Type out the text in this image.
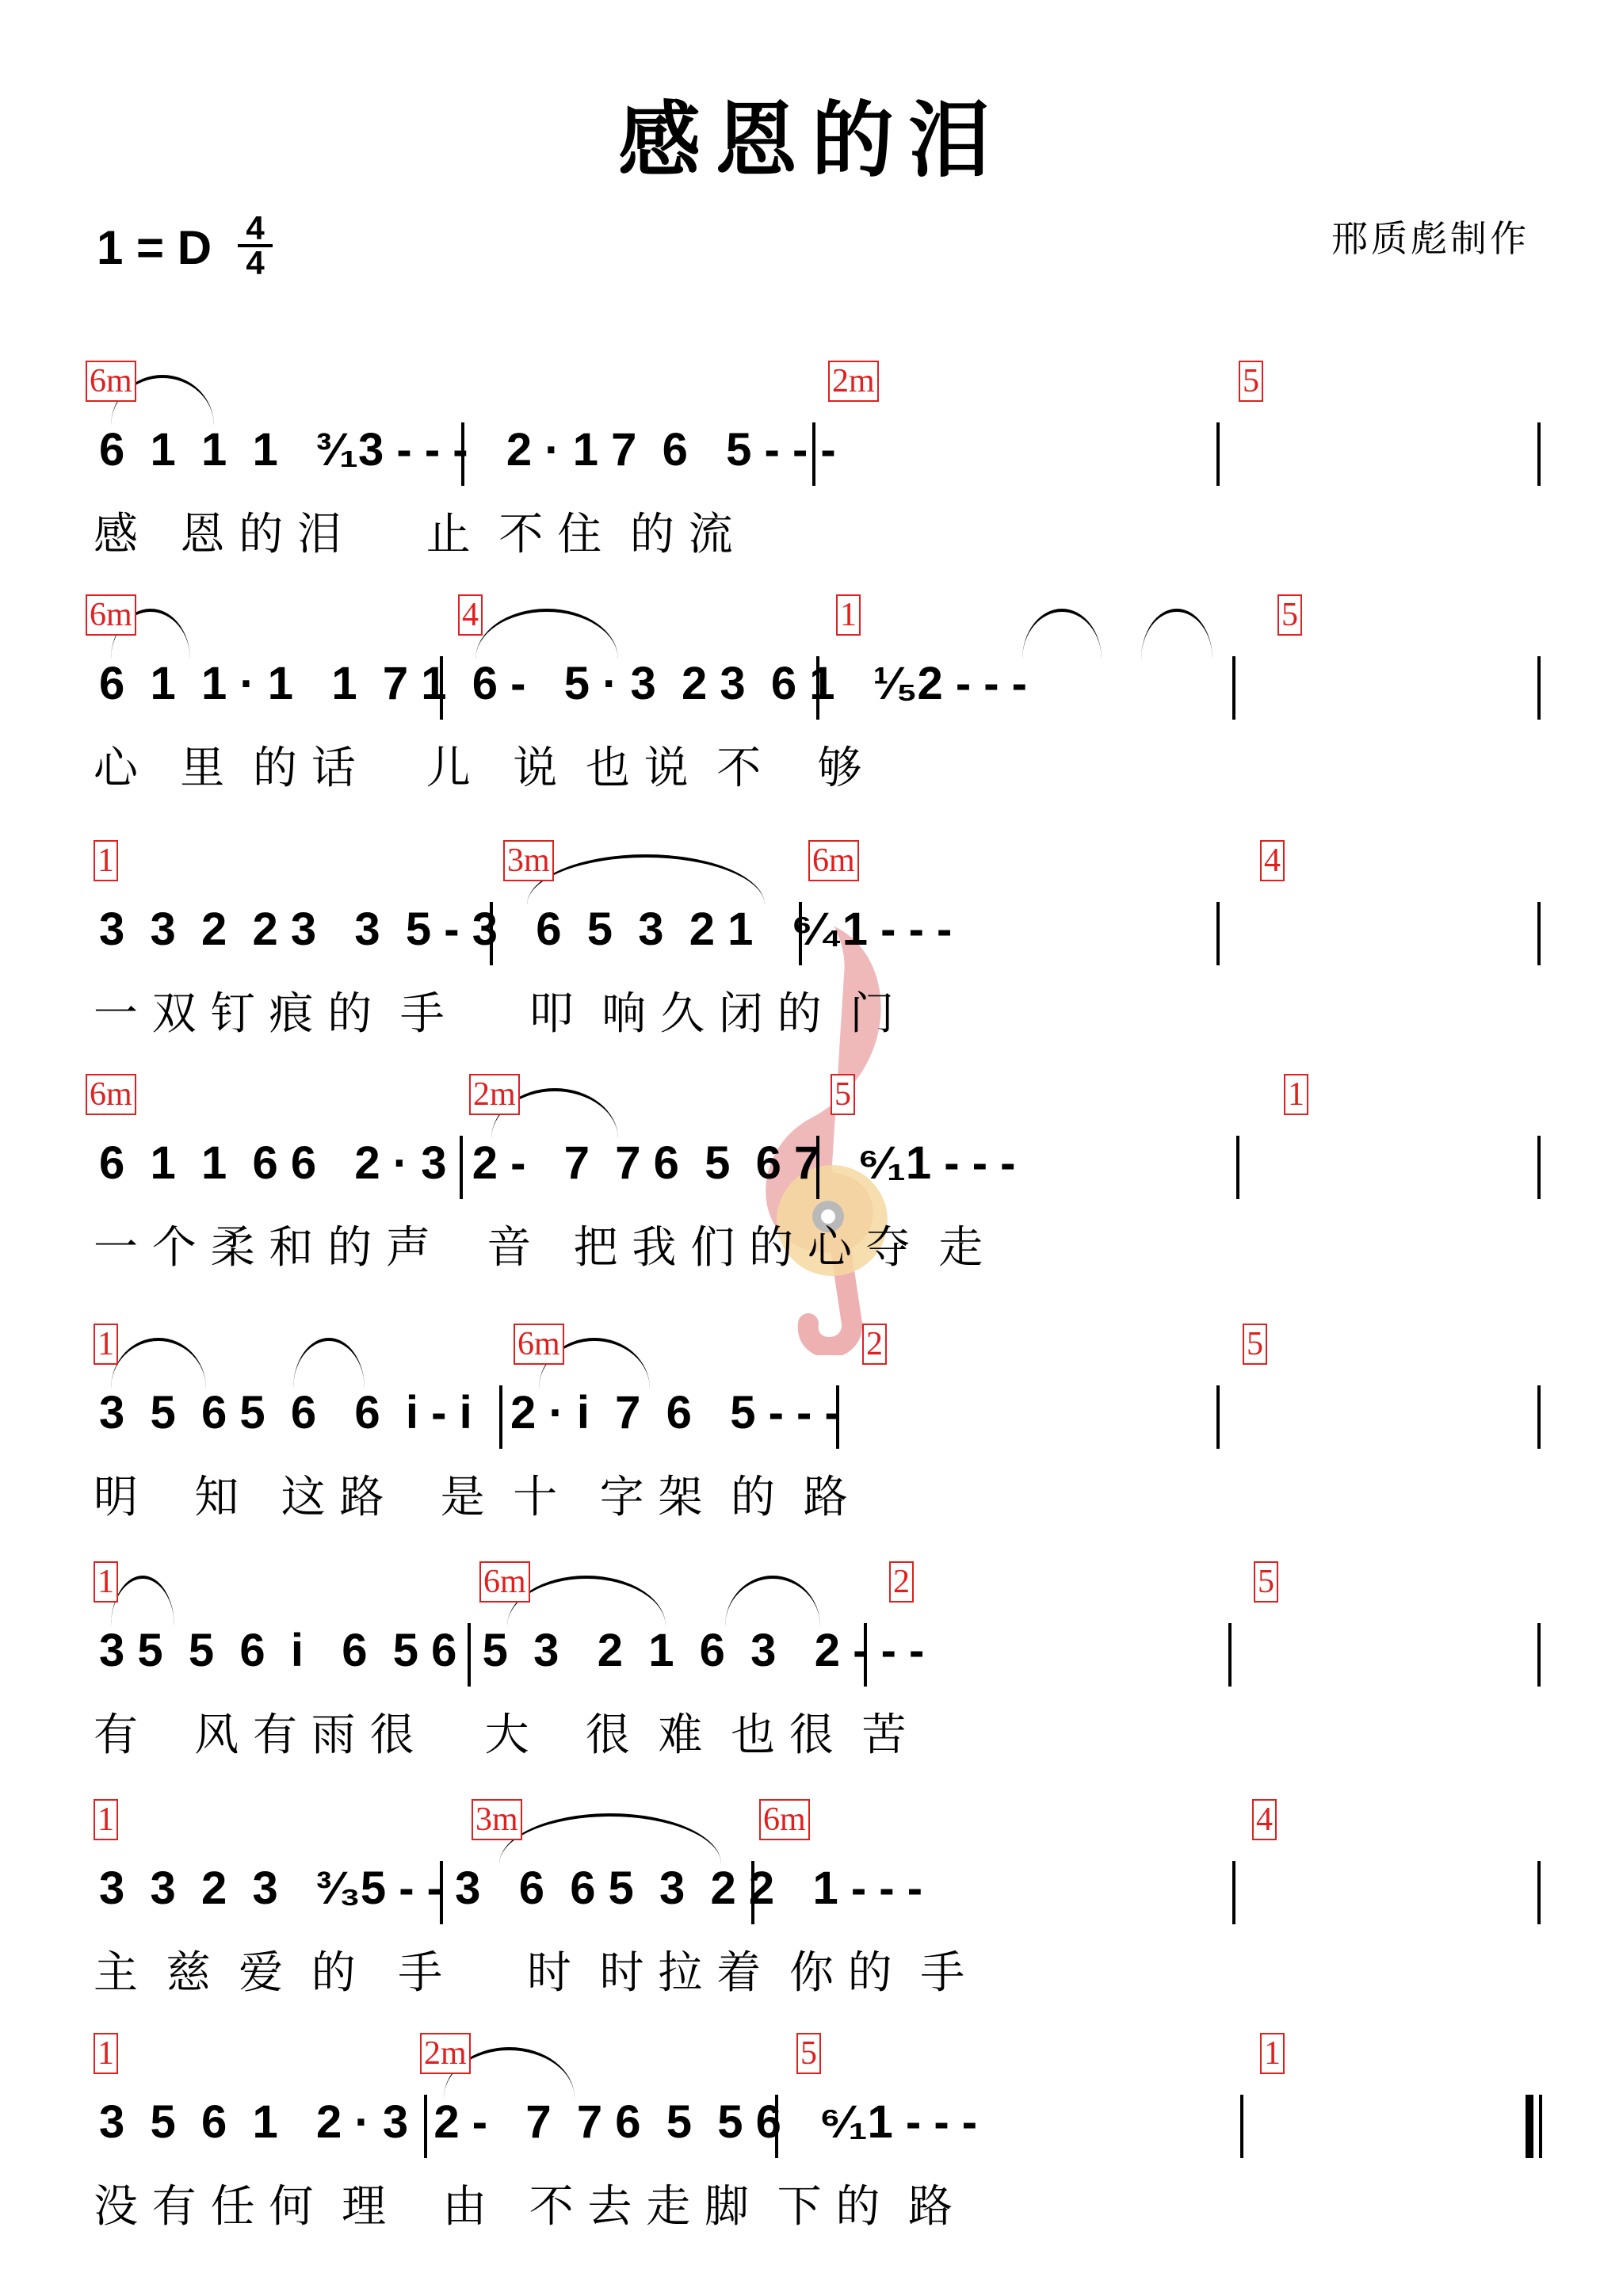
感恩的泪
1 = D 4
4
邢质彪制作
6m	2m	5
6  1  1  1   ³⁄₁3 - - -   2 · 1 7  6   5 - - -
感   恩 的 泪      止  不 住  的 流
6m	4	1	5
6  1  1 · 1   1  7 1  6 -   5 · 3  2 3  6 1   ¹⁄₅2 - - -
心   里  的 话     儿   说  也 说  不    够
1	3m	6m	4
3  3  2  2 3   3  5 - 3   6  5  3  2 1   ⁶⁄₄1 - - -
一 双 钉 痕 的  手      叩  响 久 闭 的  门
6m	2m	5	1
6  1  1  6 6   2 · 3  2 -   7  7 6  5  6 7   ⁶⁄₁1 - - -
一 个 柔 和 的 声    音   把 我 们 的 心 夺  走
1	6m	2	5
3  5  6 5  6   6  i - i   2 · i  7  6   5 - - -
明    知   这 路    是  十   字 架  的  路
1	6m	2	5
3 5  5  6  i   6  5 6  5  3   2  1  6  3   2 - - -
有    风 有 雨 很     大    很  难  也 很  苦
1	3m	6m	4
3  3  2  3   ³⁄₃5 - - 3   6  6 5  3  2 2   1 - - -
主  慈  爱  的   手      时  时 拉 着  你 的  手
1	2m	5	1
3  5  6  1   2 · 3  2 -   7  7 6  5  5 6   ⁶⁄₁1 - - -
没 有 任 何  理    由   不 去 走 脚  下 的  路
